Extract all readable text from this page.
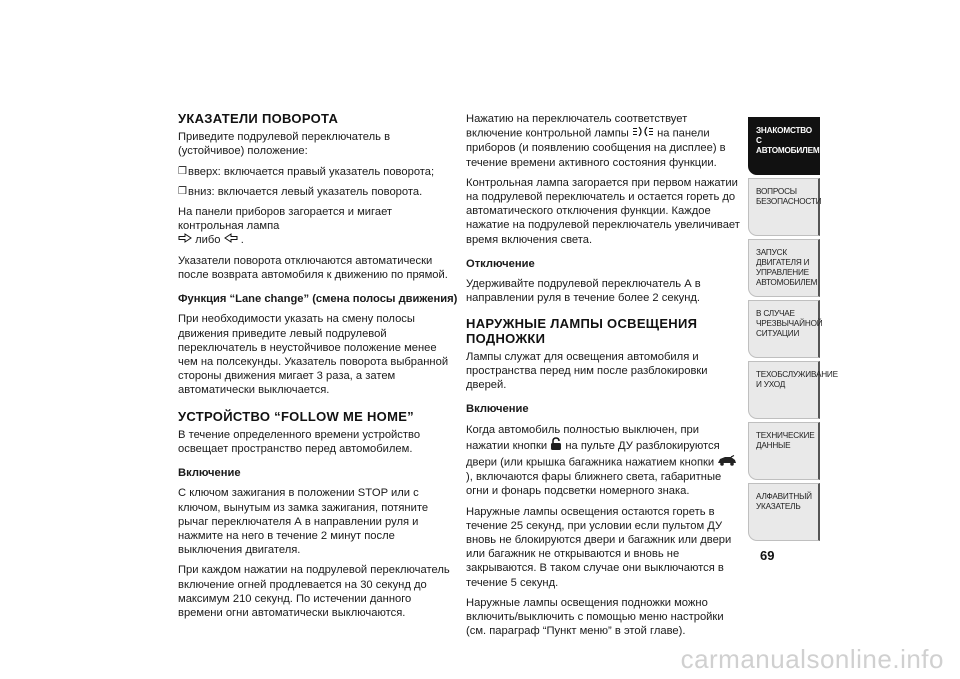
УКАЗАТЕЛИ ПОВОРОТА

Приведите подрулевой переключатель в (устойчивое) положение:

❒ вверх: включается правый указатель поворота;

❒ вниз: включается левый указатель поворота.

На панели приборов загорается и мигает контрольная лампа
либо .

Указатели поворота отключаются автоматически после возврата автомобиля к движению по прямой.

Функция “Lane change” (смена полосы движения)

При необходимости указать на смену полосы движения приведите левый подрулевой переключатель в неустойчивое положение менее чем на полсекунды. Указатель поворота выбранной стороны движения мигает 3 раза, а затем автоматически выключается.

УСТРОЙСТВО “FOLLOW ME HOME”

В течение определенного времени устройство освещает пространство перед автомобилем.

Включение

С ключом зажигания в положении STOP или с ключом, вынутым из замка зажигания, потяните рычаг переключателя А в направлении руля и нажмите на него в течение 2 минут после выключения двигателя.

При каждом нажатии на подрулевой переключатель включение огней продлевается на 30 секунд до максимум 210 секунд. По истечении данного времени огни автоматически выключаются.

Нажатию на переключатель соответствует включение контрольной лампы	на панели приборов (и появлению сообщения на дисплее) в течение времени активного состояния функции.

Контрольная лампа загорается при первом нажатии на подрулевой переключатель и остается гореть до автоматического отключения функции. Каждое нажатие на подрулевой переключатель увеличивает время включения света.

Отключение

Удерживайте подрулевой переключатель А в направлении руля в течение более 2 секунд.

НАРУЖНЫЕ ЛАМПЫ ОСВЕЩЕНИЯ ПОДНОЖКИ

Лампы служат для освещения автомобиля и пространства перед ним после разблокировки дверей.

Включение

Когда автомобиль полностью выключен, при нажатии кнопки на пульте ДУ разблокируются двери (или крышка багажника нажатием кнопки  ), включаются фары ближнего света, габаритные огни и фонарь подсветки номерного знака.

Наружные лампы освещения остаются гореть в течение 25 секунд, при условии если пультом ДУ вновь не блокируются двери и багажник или двери или багажник не открываются и вновь не закрываются. В таком случае они выключаются в течение 5 секунд.

Наружные лампы освещения подножки можно включить/выключить с помощью меню настройки (см. параграф “Пункт меню” в этой главе).

ЗНАКОМСТВО С АВТОМОБИЛЕМ
ВОПРОСЫ БЕЗОПАСНОСТИ
ЗАПУСК ДВИГАТЕЛЯ И УПРАВЛЕНИЕ АВТОМОБИЛЕМ
В СЛУЧАЕ ЧРЕЗВЫЧАЙНОЙ СИТУАЦИИ
ТЕХОБСЛУЖИВАНИЕ И УХОД
ТЕХНИЧЕСКИЕ ДАННЫЕ
АЛФАВИТНЫЙ УКАЗАТЕЛЬ
69
carmanualsonline.info
